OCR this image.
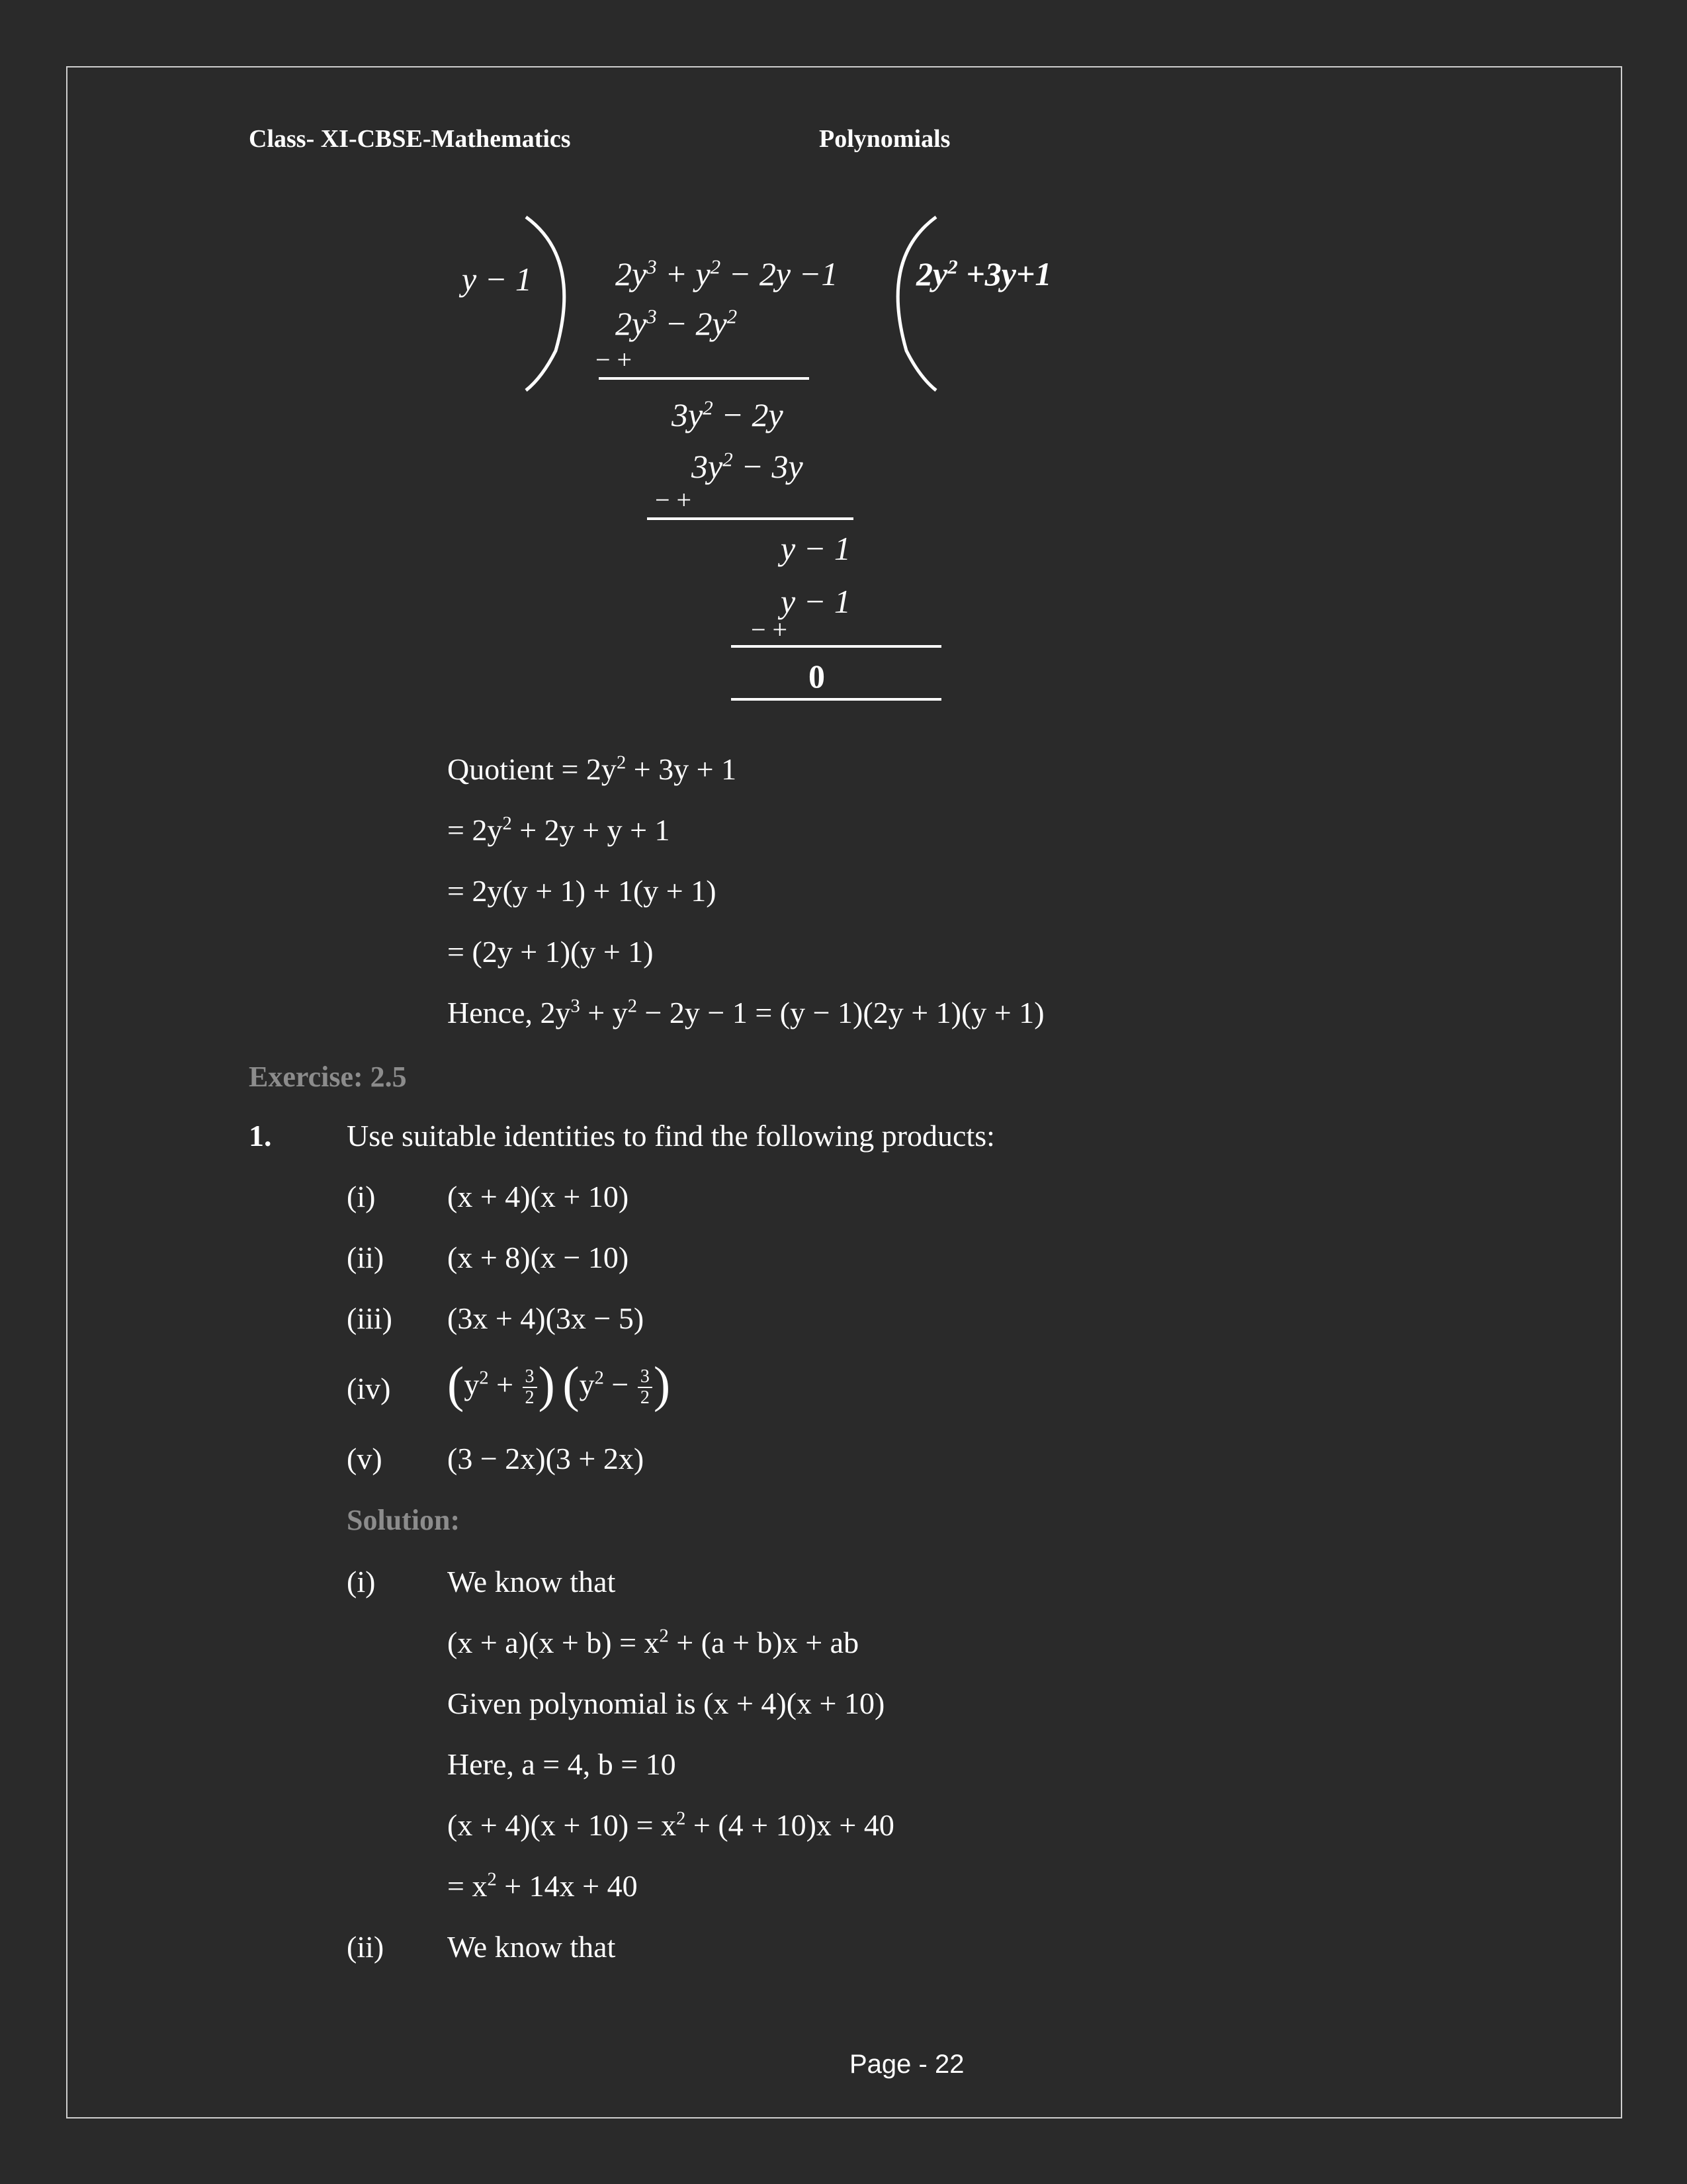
Class- XI-CBSE-Mathematics	Polynomials
y − 1	$2y^3 + y^2 - 2y -1$ $2y^2 +3y+1$
$2y^3 - 2y^2$
− +
$3y^2 - 2y$
$3y^2 - 3y$
− +
y − 1
y − 1
− +
0
Quotient = $2y^2 + 3y + 1$
= $2y^2 + 2y + y + 1$
= 2y(y + 1) + 1(y + 1)
= (2y + 1)(y + 1)
Hence, $2y^3 + y^2 - 2y - 1 = (y - 1)(2y + 1)(y + 1)$
Exercise: 2.5
1. Use suitable identities to find the following products:
(i) (x + 4)(x + 10)
(ii) (x + 8)(x − 10)
(iii) (3x + 4)(3x − 5)
(iv) ($y^2 + \frac{3}{2}$ ) ($y^2 - \frac{3}{2}$ )
(v) (3 − 2x)(3 + 2x)
Solution:
(i) We know that
$(x + a)(x + b) = x^2 + (a + b)x$ + ab
Given polynomial is (x + 4)(x + 10)
Here, a = 4, b = 10
$(x + 4)(x + 10) = x^2 + (4 + 10)x + 40$
= $x^2 + 14x + 40$
(ii) We know that
Page - 22
